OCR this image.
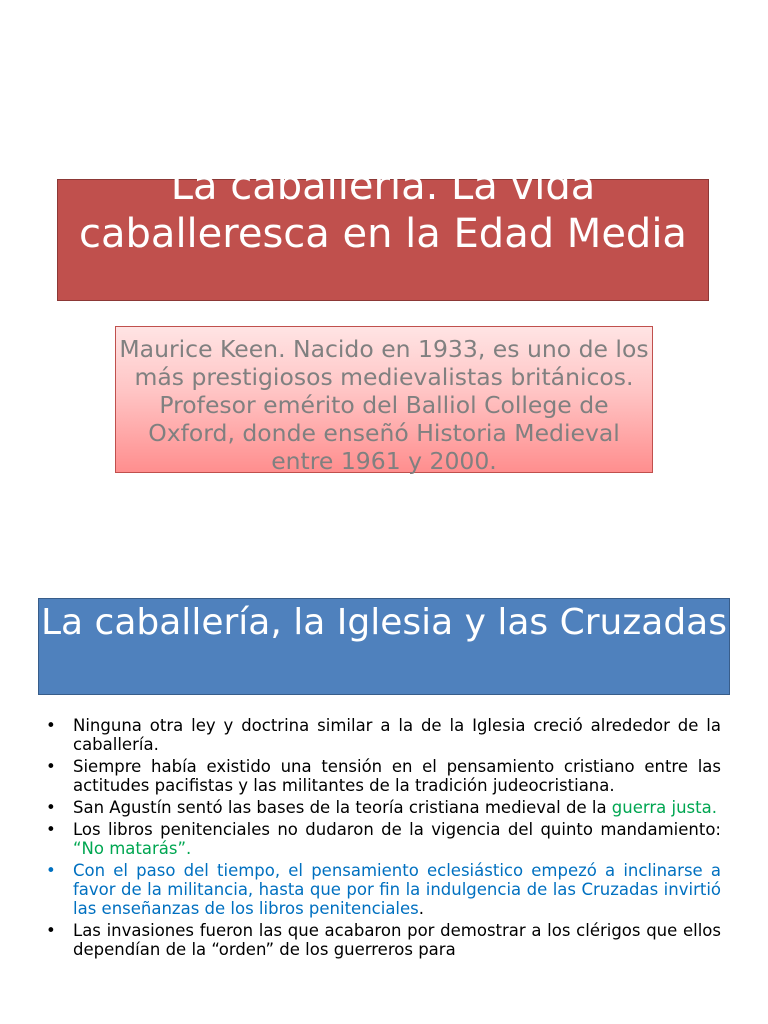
La caballería. La vida caballeresca en la Edad Media

Maurice Keen. Nacido en 1933, es uno de los más prestigiosos medievalistas británicos. Profesor emérito del Balliol College de Oxford, donde enseñó Historia Medieval entre 1961 y 2000.

La caballería, la Iglesia y las Cruzadas
• Ninguna otra ley y doctrina similar a la de la Iglesia creció alrededor de la caballería.
• Siempre había existido una tensión en el pensamiento cristiano entre las actitudes pacifistas y las militantes de la tradición judeocristiana.
• San Agustín sentó las bases de la teoría cristiana medieval de la guerra justa.
• Los libros penitenciales no dudaron de la vigencia del quinto mandamiento: “No matarás”.
• Con el paso del tiempo, el pensamiento eclesiástico empezó a inclinarse a favor de la militancia, hasta que por fin la indulgencia de las Cruzadas invirtió las enseñanzas de los libros penitenciales.
• Las invasiones fueron las que acabaron por demostrar a los clérigos que ellos dependían de la “orden” de los guerreros para
